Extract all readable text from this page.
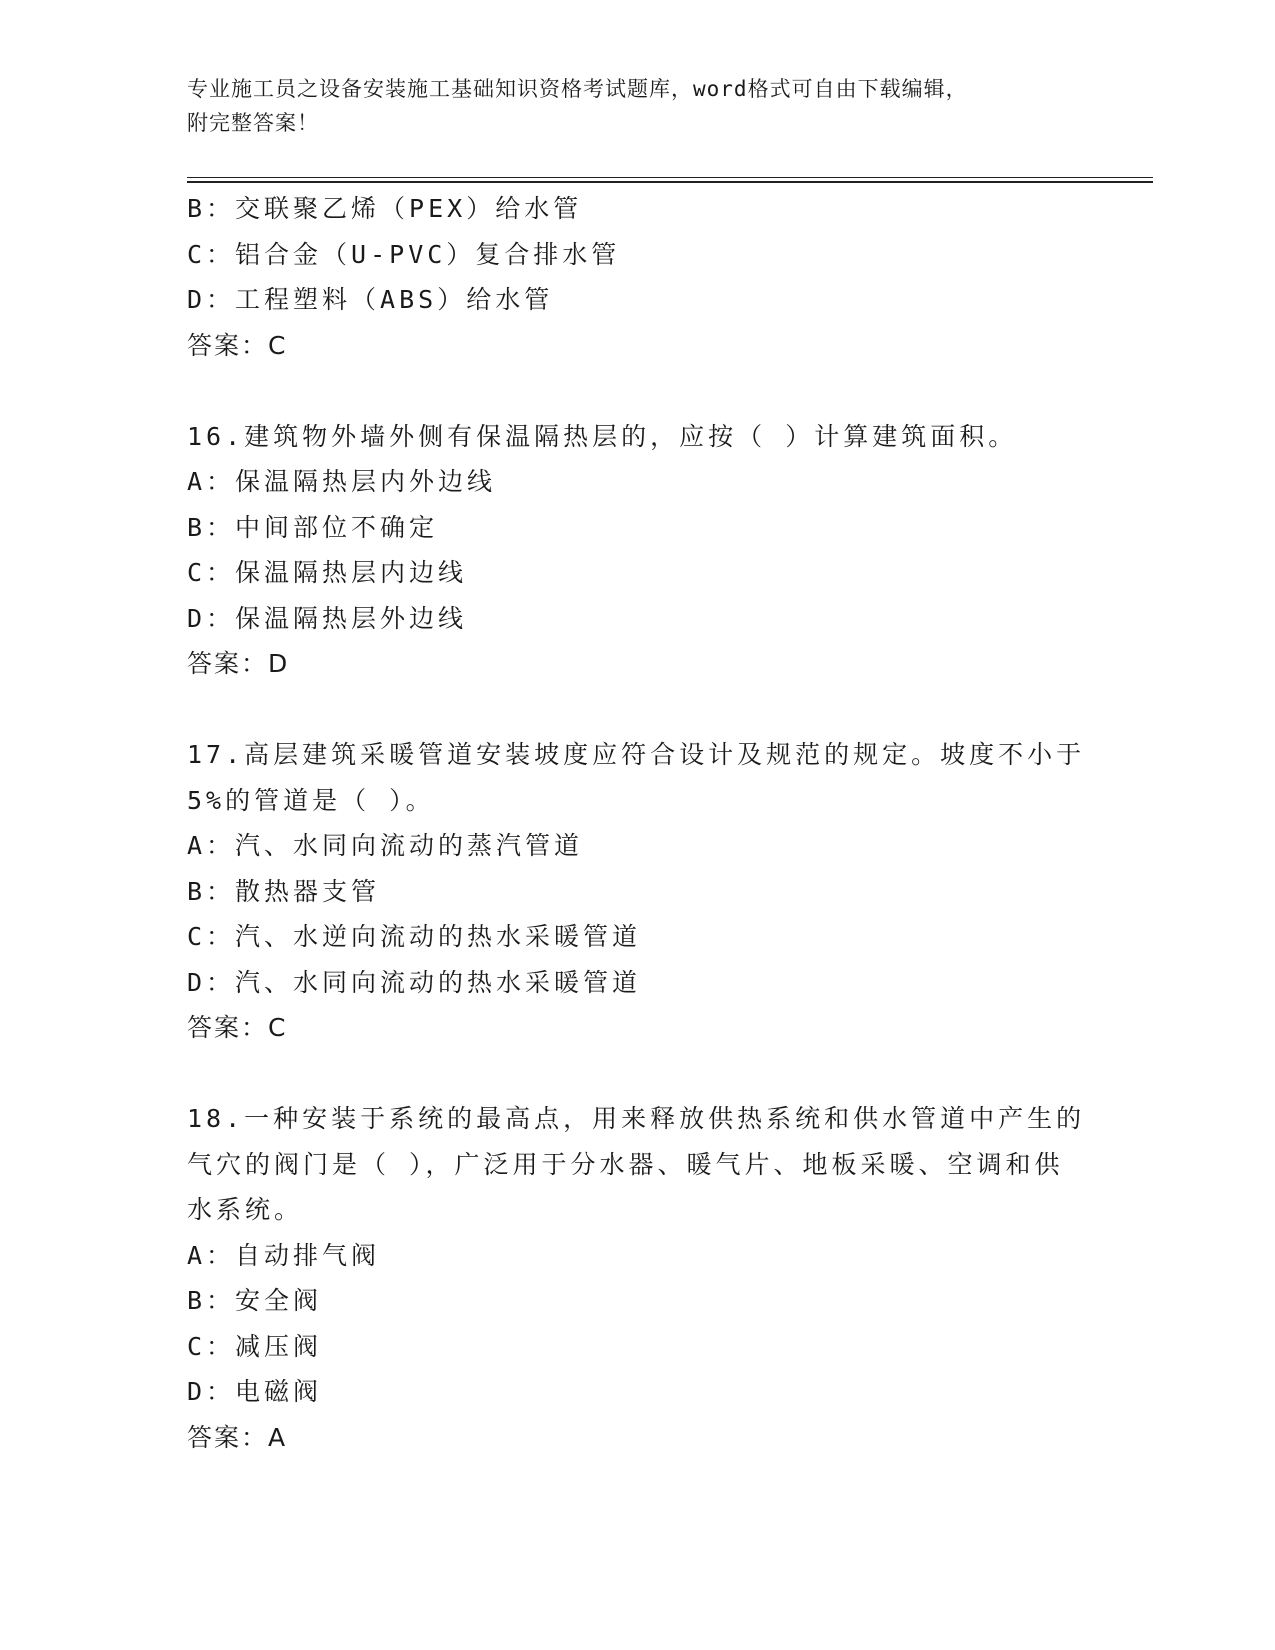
专业施工员之设备安装施工基础知识资格考试题库，word格式可自由下载编辑，
附完整答案！
B：交联聚乙烯（PEX）给水管
C：铝合金（U-PVC）复合排水管
D：工程塑料（ABS）给水管
答案：C
16.建筑物外墙外侧有保温隔热层的，应按（ ）计算建筑面积。
A：保温隔热层内外边线
B：中间部位不确定
C：保温隔热层内边线
D：保温隔热层外边线
答案：D
17.高层建筑采暖管道安装坡度应符合设计及规范的规定。坡度不小于
5%的管道是（ ）。
A：汽、水同向流动的蒸汽管道
B：散热器支管
C：汽、水逆向流动的热水采暖管道
D：汽、水同向流动的热水采暖管道
答案：C
18.一种安装于系统的最高点，用来释放供热系统和供水管道中产生的
气穴的阀门是（ ），广泛用于分水器、暖气片、地板采暖、空调和供
水系统。
A：自动排气阀
B：安全阀
C：减压阀
D：电磁阀
答案：A
